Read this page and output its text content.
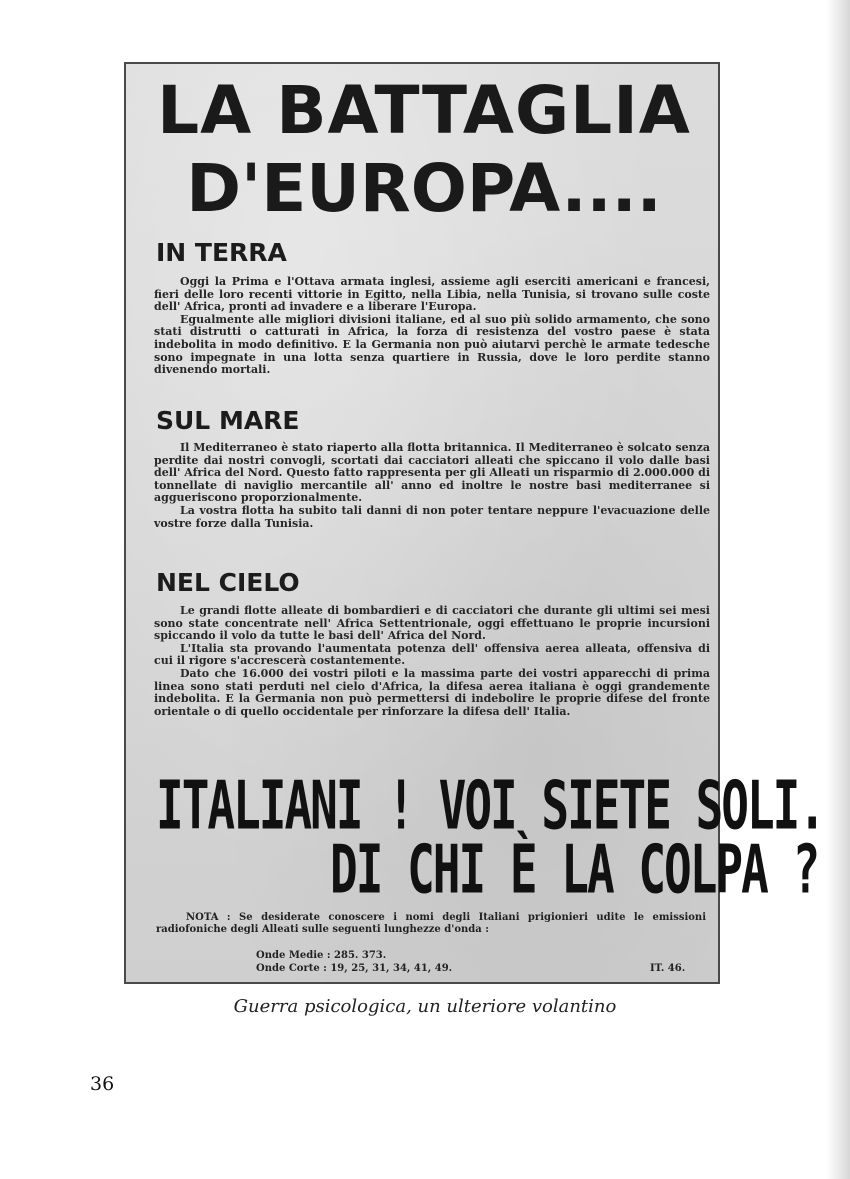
LA BATTAGLIA
D'EUROPA....
IN TERRA

Oggi la Prima e l'Ottava armata inglesi, assieme agli eserciti americani e francesi, fieri delle loro recenti vittorie in Egitto, nella Libia, nella Tunisia, si trovano sulle coste dell' Africa, pronti ad invadere e a liberare l'Europa.

Egualmente alle migliori divisioni italiane, ed al suo più solido armamento, che sono stati distrutti o catturati in Africa, la forza di resistenza del vostro paese è stata indebolita in modo definitivo. E la Germania non può aiutarvi perchè le armate tedesche sono impegnate in una lotta senza quartiere in Russia, dove le loro perdite stanno divenendo mortali.

SUL MARE

Il Mediterraneo è stato riaperto alla flotta britannica. Il Mediterraneo è solcato senza perdite dai nostri convogli, scortati dai cacciatori alleati che spiccano il volo dalle basi dell' Africa del Nord. Questo fatto rappresenta per gli Alleati un risparmio di 2.000.000 di tonnellate di naviglio mercantile all' anno ed inoltre le nostre basi mediterranee si aggueriscono proporzionalmente.

La vostra flotta ha subito tali danni di non poter tentare neppure l'evacuazione delle vostre forze dalla Tunisia.

NEL CIELO

Le grandi flotte alleate di bombardieri e di cacciatori che durante gli ultimi sei mesi sono state concentrate nell' Africa Settentrionale, oggi effettuano le proprie incursioni spiccando il volo da tutte le basi dell' Africa del Nord.

L'Italia sta provando l'aumentata potenza dell' offensiva aerea alleata, offensiva di cui il rigore s'accrescerà costantemente.

Dato che 16.000 dei vostri piloti e la massima parte dei vostri apparecchi di prima linea sono stati perduti nel cielo d'Africa, la difesa aerea italiana è oggi grandemente indebolita. E la Germania non può permettersi di indebolire le proprie difese del fronte orientale o di quello occidentale per rinforzare la difesa dell' Italia.

ITALIANI ! VOI SIETE SOLI.
DI CHI È LA COLPA ?
NOTA : Se desiderate conoscere i nomi degli Italiani prigionieri udite le emissioni radiofoniche degli Alleati sulle seguenti lunghezze d'onda :
Onde Medie : 285. 373.
Onde Corte : 19, 25, 31, 34, 41, 49.	IT. 46.
Guerra psicologica, un ulteriore volantino
36
